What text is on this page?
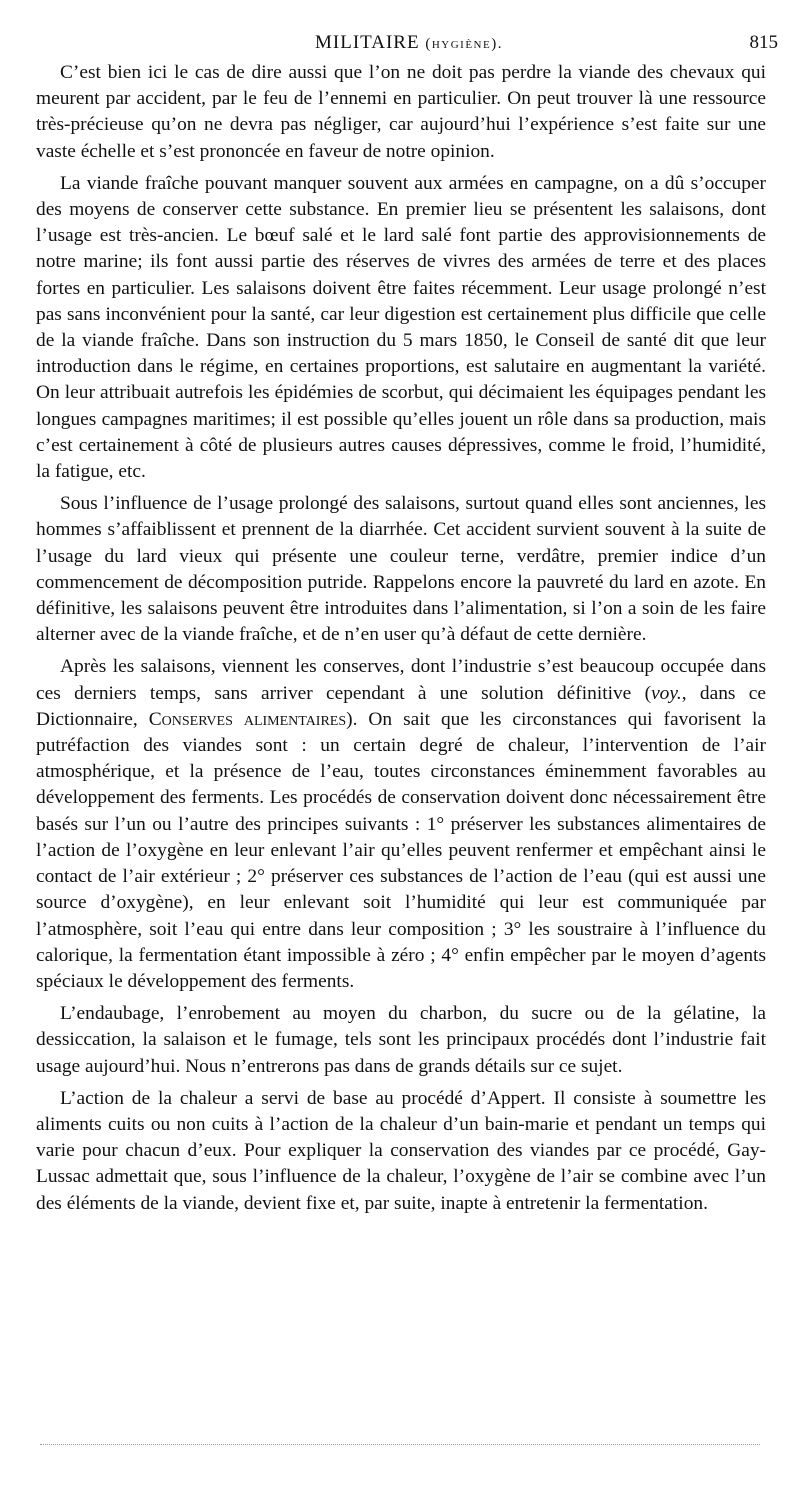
MILITAIRE (hygiène).	815

C’est bien ici le cas de dire aussi que l’on ne doit pas perdre la viande des chevaux qui meurent par accident, par le feu de l’ennemi en particulier. On peut trouver là une ressource très-précieuse qu’on ne devra pas négliger, car aujourd’hui l’expérience s’est faite sur une vaste échelle et s’est prononcée en faveur de notre opinion.

La viande fraîche pouvant manquer souvent aux armées en campagne, on a dû s’occuper des moyens de conserver cette substance. En premier lieu se présentent les salaisons, dont l’usage est très-ancien. Le bœuf salé et le lard salé font partie des approvisionnements de notre marine; ils font aussi partie des réserves de vivres des armées de terre et des places fortes en particulier. Les salaisons doivent être faites récemment. Leur usage prolongé n’est pas sans inconvénient pour la santé, car leur digestion est certainement plus difficile que celle de la viande fraîche. Dans son instruction du 5 mars 1850, le Conseil de santé dit que leur introduction dans le régime, en certaines proportions, est salutaire en augmentant la variété. On leur attribuait autrefois les épidémies de scorbut, qui décimaient les équipages pendant les longues campagnes maritimes; il est possible qu’elles jouent un rôle dans sa production, mais c’est certainement à côté de plusieurs autres causes dépressives, comme le froid, l’humidité, la fatigue, etc.

Sous l’influence de l’usage prolongé des salaisons, surtout quand elles sont anciennes, les hommes s’affaiblissent et prennent de la diarrhée. Cet accident survient souvent à la suite de l’usage du lard vieux qui présente une couleur terne, verdâtre, premier indice d’un commencement de décomposition putride. Rappelons encore la pauvreté du lard en azote. En définitive, les salaisons peuvent être introduites dans l’alimentation, si l’on a soin de les faire alterner avec de la viande fraîche, et de n’en user qu’à défaut de cette dernière.

Après les salaisons, viennent les conserves, dont l’industrie s’est beaucoup occupée dans ces derniers temps, sans arriver cependant à une solution définitive (voy., dans ce Dictionnaire, Conserves alimentaires). On sait que les circonstances qui favorisent la putréfaction des viandes sont : un certain degré de chaleur, l’intervention de l’air atmosphérique, et la présence de l’eau, toutes circonstances éminemment favorables au développement des ferments. Les procédés de conservation doivent donc nécessairement être basés sur l’un ou l’autre des principes suivants : 1° préserver les substances alimentaires de l’action de l’oxygène en leur enlevant l’air qu’elles peuvent renfermer et empêchant ainsi le contact de l’air extérieur ; 2° préserver ces substances de l’action de l’eau (qui est aussi une source d’oxygène), en leur enlevant soit l’humidité qui leur est communiquée par l’atmosphère, soit l’eau qui entre dans leur composition ; 3° les soustraire à l’influence du calorique, la fermentation étant impossible à zéro ; 4° enfin empêcher par le moyen d’agents spéciaux le développement des ferments.

L’endaubage, l’enrobement au moyen du charbon, du sucre ou de la gélatine, la dessiccation, la salaison et le fumage, tels sont les principaux procédés dont l’industrie fait usage aujourd’hui. Nous n’entrerons pas dans de grands détails sur ce sujet.

L’action de la chaleur a servi de base au procédé d’Appert. Il consiste à soumettre les aliments cuits ou non cuits à l’action de la chaleur d’un bain-marie et pendant un temps qui varie pour chacun d’eux. Pour expliquer la conservation des viandes par ce procédé, Gay-Lussac admettait que, sous l’influence de la chaleur, l’oxygène de l’air se combine avec l’un des éléments de la viande, devient fixe et, par suite, inapte à entretenir la fermentation.
